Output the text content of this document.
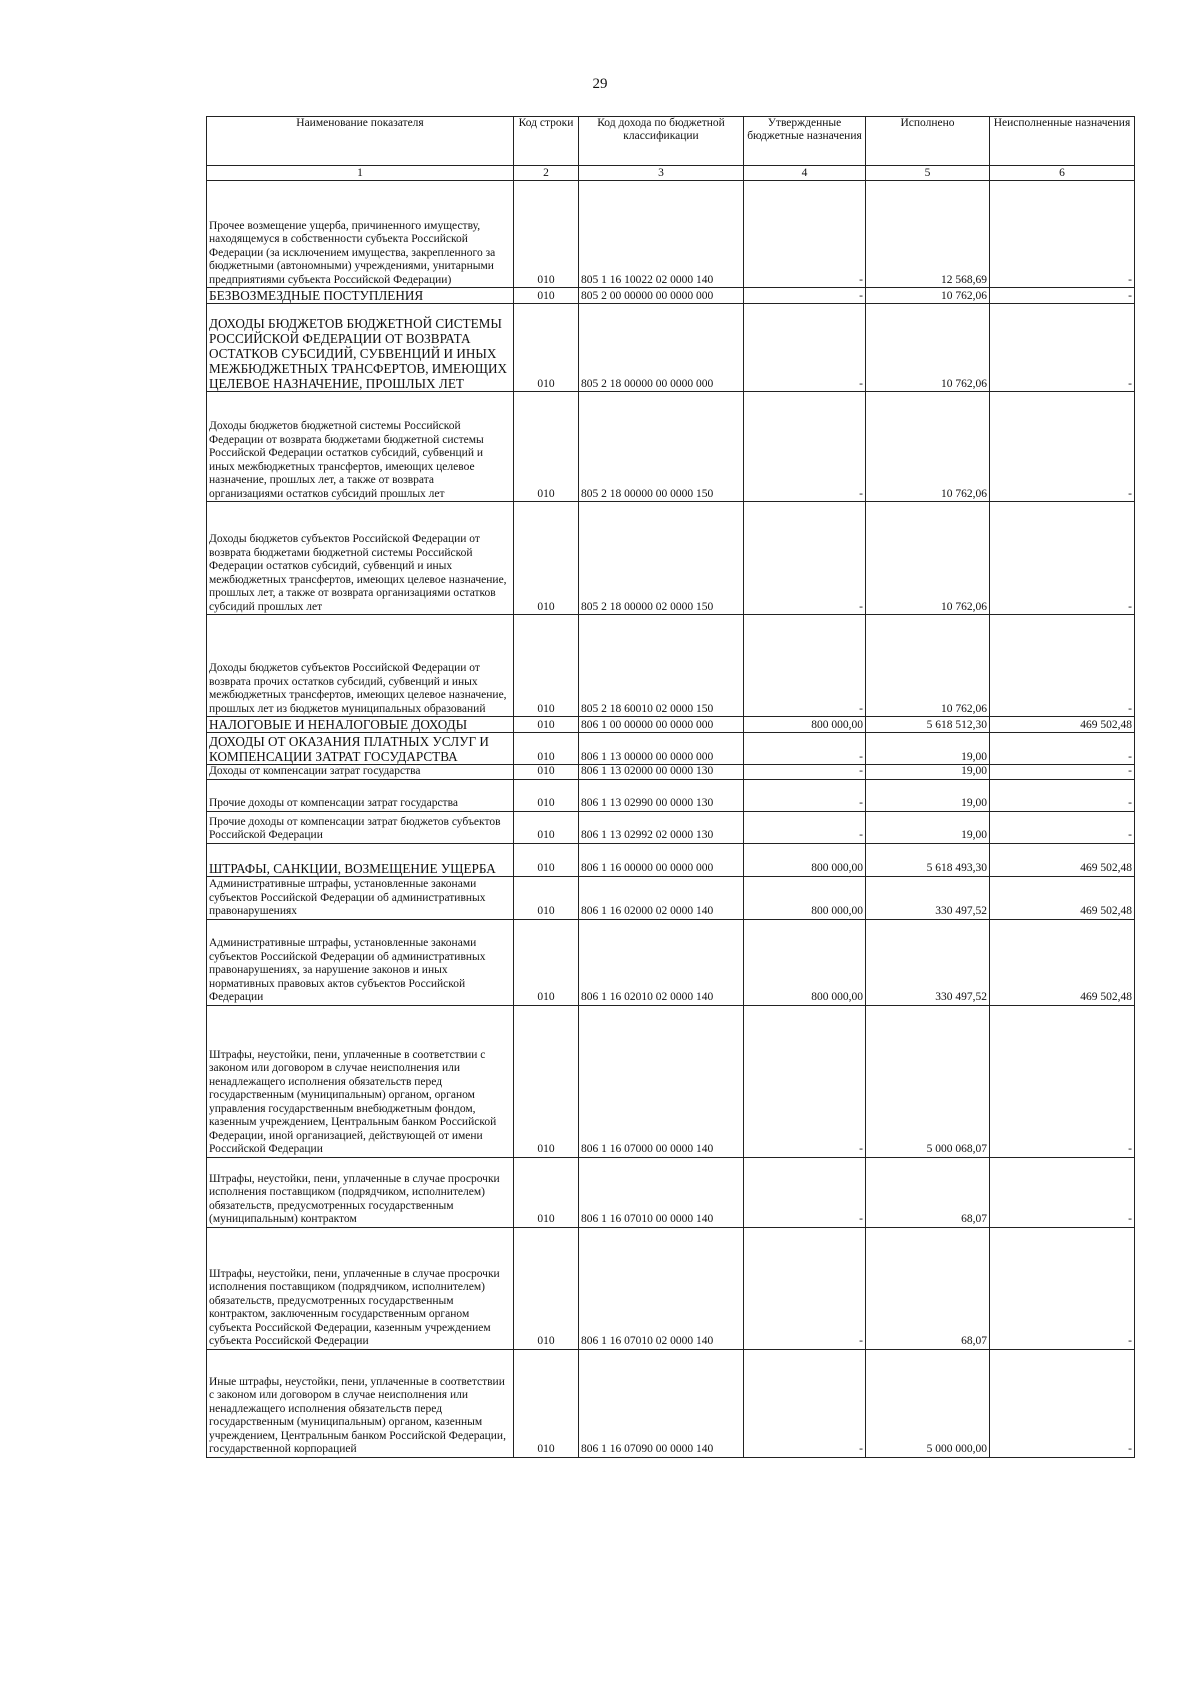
29
Наименование показателя	Код строки	Код дохода по бюджетной классификации	Утвержденные бюджетные назначения	Исполнено	Неисполненные назначения
1	2	3	4	5	6
Прочее возмещение ущерба, причиненного имуществу, находящемуся в собственности субъекта Российской Федерации (за исключением имущества, закрепленного за бюджетными (автономными) учреждениями, унитарными предприятиями субъекта Российской Федерации)	010	805 1 16 10022 02 0000 140	-	12 568,69	-
БЕЗВОЗМЕЗДНЫЕ ПОСТУПЛЕНИЯ	010	805 2 00 00000 00 0000 000	-	10 762,06	-
ДОХОДЫ БЮДЖЕТОВ БЮДЖЕТНОЙ СИСТЕМЫ РОССИЙСКОЙ ФЕДЕРАЦИИ ОТ ВОЗВРАТА ОСТАТКОВ СУБСИДИЙ, СУБВЕНЦИЙ И ИНЫХ МЕЖБЮДЖЕТНЫХ ТРАНСФЕРТОВ, ИМЕЮЩИХ ЦЕЛЕВОЕ НАЗНАЧЕНИЕ, ПРОШЛЫХ ЛЕТ	010	805 2 18 00000 00 0000 000	-	10 762,06	-
Доходы бюджетов бюджетной системы Российской Федерации от возврата бюджетами бюджетной системы Российской Федерации остатков субсидий, субвенций и иных межбюджетных трансфертов, имеющих целевое назначение, прошлых лет, а также от возврата организациями остатков субсидий прошлых лет	010	805 2 18 00000 00 0000 150	-	10 762,06	-
Доходы бюджетов субъектов Российской Федерации от возврата бюджетами бюджетной системы Российской Федерации остатков субсидий, субвенций и иных межбюджетных трансфертов, имеющих целевое назначение, прошлых лет, а также от возврата организациями остатков субсидий прошлых лет	010	805 2 18 00000 02 0000 150	-	10 762,06	-
Доходы бюджетов субъектов Российской Федерации от возврата прочих остатков субсидий, субвенций и иных межбюджетных трансфертов, имеющих целевое назначение, прошлых лет из бюджетов муниципальных образований	010	805 2 18 60010 02 0000 150	-	10 762,06	-
НАЛОГОВЫЕ И НЕНАЛОГОВЫЕ ДОХОДЫ	010	806 1 00 00000 00 0000 000	800 000,00	5 618 512,30	469 502,48
ДОХОДЫ ОТ ОКАЗАНИЯ ПЛАТНЫХ УСЛУГ И КОМПЕНСАЦИИ ЗАТРАТ ГОСУДАРСТВА	010	806 1 13 00000 00 0000 000	-	19,00	-
Доходы от компенсации затрат государства	010	806 1 13 02000 00 0000 130	-	19,00	-
Прочие доходы от компенсации затрат государства	010	806 1 13 02990 00 0000 130	-	19,00	-
Прочие доходы от компенсации затрат бюджетов субъектов Российской Федерации	010	806 1 13 02992 02 0000 130	-	19,00	-
ШТРАФЫ, САНКЦИИ, ВОЗМЕЩЕНИЕ УЩЕРБА	010	806 1 16 00000 00 0000 000	800 000,00	5 618 493,30	469 502,48
Административные штрафы, установленные законами субъектов Российской Федерации об административных правонарушениях	010	806 1 16 02000 02 0000 140	800 000,00	330 497,52	469 502,48
Административные штрафы, установленные законами субъектов Российской Федерации об административных правонарушениях, за нарушение законов и иных нормативных правовых актов субъектов Российской Федерации	010	806 1 16 02010 02 0000 140	800 000,00	330 497,52	469 502,48
Штрафы, неустойки, пени, уплаченные в соответствии с законом или договором в случае неисполнения или ненадлежащего исполнения обязательств перед государственным (муниципальным) органом, органом управления государственным внебюджетным фондом, казенным учреждением, Центральным банком Российской Федерации, иной организацией, действующей от имени Российской Федерации	010	806 1 16 07000 00 0000 140	-	5 000 068,07	-
Штрафы, неустойки, пени, уплаченные в случае просрочки исполнения поставщиком (подрядчиком, исполнителем) обязательств, предусмотренных государственным (муниципальным) контрактом	010	806 1 16 07010 00 0000 140	-	68,07	-
Штрафы, неустойки, пени, уплаченные в случае просрочки исполнения поставщиком (подрядчиком, исполнителем) обязательств, предусмотренных государственным контрактом, заключенным государственным органом субъекта Российской Федерации, казенным учреждением субъекта Российской Федерации	010	806 1 16 07010 02 0000 140	-	68,07	-
Иные штрафы, неустойки, пени, уплаченные в соответствии с законом или договором в случае неисполнения или ненадлежащего исполнения обязательств перед государственным (муниципальным) органом, казенным учреждением, Центральным банком Российской Федерации, государственной корпорацией	010	806 1 16 07090 00 0000 140	-	5 000 000,00	-
